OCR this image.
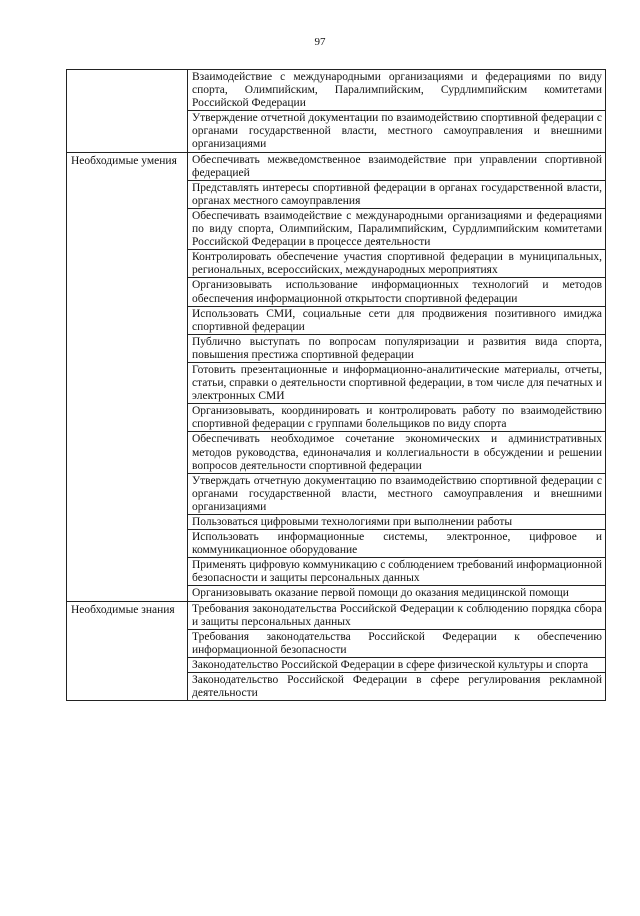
97
	Взаимодействие с международными организациями и федерациями по виду спорта, Олимпийским, Паралимпийским, Сурдлимпийским комитетами Российской Федерации
	Утверждение отчетной документации по взаимодействию спортивной федерации с органами государственной власти, местного самоуправления и внешними организациями
Необходимые умения	Обеспечивать межведомственное взаимодействие при управлении спортивной федерацией
	Представлять интересы спортивной федерации в органах государственной власти, органах местного самоуправления
	Обеспечивать взаимодействие с международными организациями и федерациями по виду спорта, Олимпийским, Паралимпийским, Сурдлимпийским комитетами Российской Федерации в процессе деятельности
	Контролировать обеспечение участия спортивной федерации в муниципальных, региональных, всероссийских, международных мероприятиях
	Организовывать использование информационных технологий и методов обеспечения информационной открытости спортивной федерации
	Использовать СМИ, социальные сети для продвижения позитивного имиджа спортивной федерации
	Публично выступать по вопросам популяризации и развития вида спорта, повышения престижа спортивной федерации
	Готовить презентационные и информационно-аналитические материалы, отчеты, статьи, справки о деятельности спортивной федерации, в том числе для печатных и электронных СМИ
	Организовывать, координировать и контролировать работу по взаимодействию спортивной федерации с группами болельщиков по виду спорта
	Обеспечивать необходимое сочетание экономических и административных методов руководства, единоначалия и коллегиальности в обсуждении и решении вопросов деятельности спортивной федерации
	Утверждать отчетную документацию по взаимодействию спортивной федерации с органами государственной власти, местного самоуправления и внешними организациями
	Пользоваться цифровыми технологиями при выполнении работы
	Использовать информационные системы, электронное, цифровое и коммуникационное оборудование
	Применять цифровую коммуникацию с соблюдением требований информационной безопасности и защиты персональных данных
	Организовывать оказание первой помощи до оказания медицинской помощи
Необходимые знания	Требования законодательства Российской Федерации к соблюдению порядка сбора и защиты персональных данных
	Требования законодательства Российской Федерации к обеспечению информационной безопасности
	Законодательство Российской Федерации в сфере физической культуры и спорта
	Законодательство Российской Федерации в сфере регулирования рекламной деятельности
